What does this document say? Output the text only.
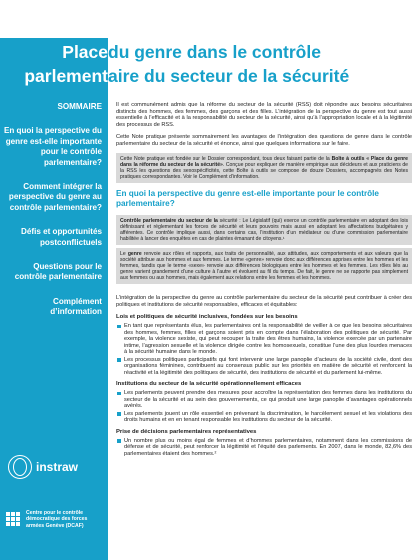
Placedu genre dans le contrôle
parlementaire du secteur de la sécurité
SOMMAIRE
En quoi la perspective du genre est-elle importante pour le contrôle parlementaire?
Comment intégrer la perspective du genre au contrôle parlementaire?
Défis et opportunités postconflictuels
Questions pour le contrôle parlementaire
Complément d’information
instraw
Centre pour le contrôle démocratique des forces armées Genève (DCAF)

Il est communément admis que la réforme du secteur de la sécurité (RSS) doit répondre aux besoins sécuritaires distincts des hommes, des femmes, des garçons et des filles. L’intégration de la perspective du genre est tout aussi essentielle à l’efficacité et à la responsabilité du secteur de la sécurité, ainsi qu’à l’appropriation locale et à la légitimité des processus de RSS.

Cette Note pratique présente sommairement les avantages de l’intégration des questions de genre dans le contrôle parlementaire du secteur de la sécurité et énonce, ainsi que quelques informations sur le faire.

Cette Note pratique est fondée sur le Dossier correspondant, tous deux faisant partie de la Boîte à outils « Place du genre dans la réforme du secteur de la sécurité». Conçue pour expliquer de manière empirique aux décideurs et aux praticiens de la RSS les questions des sexospécificités, cette Boîte à outils se compose de douze Dossiers, accompagnés des Notes pratiques correspondantes. Voir le Complément d’information.

En quoi la perspective du genre est-elle importante pour le contrôle parlementaire?

Contrôle parlementaire du secteur de la sécurité : Le Législatif (qui) exerce un contrôle parlementaire en adoptant des lois définissant et réglementant les forces de sécurité et leurs pouvoirs mais aussi en adoptant les affectations budgétaires y afférentes. Ce contrôle implique aussi, dans certains cas, l’institution d’un médiateur ou d’une commission parlementaire habilitée à lancer des enquêtes en cas de plaintes émanant de citoyens.¹

Le genre renvoie aux rôles et rapports, aux traits de personnalité, aux attitudes, aux comportements et aux valeurs que la société attribue aux hommes et aux femmes. Le terme «genre» renvoie donc aux différences apprises entre les hommes et les femmes, tandis que le terme «sexe» renvoie aux différences biologiques entre les hommes et les femmes. Les rôles liés au genre varient grandement d’une culture à l’autre et évoluent au fil du temps. De fait, le genre ne se rapporte pas simplement aux femmes ou aux hommes, mais également aux relations entre les femmes et les hommes.

L’intégration de la perspective du genre au contrôle parlementaire du secteur de la sécurité peut contribuer à créer des politiques et institutions de sécurité responsables, efficaces et équitables:

Lois et politiques de sécurité inclusives, fondées sur les besoins
En tant que représentants élus, les parlementaires ont la responsabilité de veiller à ce que les besoins sécuritaires des hommes, femmes, filles et garçons soient pris en compte dans l’élaboration des politiques de sécurité. Par exemple, la violence sexiste, qui peut recouper la traite des êtres humains, la violence exercée par un partenaire intime, l’agression sexuelle et la violence dirigée contre les homosexuels, constitue l’une des plus lourdes menaces à la sécurité humaine dans le monde.
Les processus politiques participatifs qui font intervenir une large panoplie d’acteurs de la société civile, dont des organisations féminines, contribuent au consensus public sur les priorités en matière de sécurité et renforcent la réactivité et la légitimité des politiques de sécurité, des institutions de sécurité et du parlement lui-même.
Institutions du secteur de la sécurité opérationnellement efficaces
Les parlements peuvent prendre des mesures pour accroître la représentation des femmes dans les institutions du secteur de la sécurité et au sein des gouvernements, ce qui produit une large panoplie d’avantages opérationnels avérés.
Les parlements jouent un rôle essentiel en prévenant la discrimination, le harcèlement sexuel et les violations des droits humains et en en tenant responsable les institutions du secteur de la sécurité.
Prise de décisions parlementaires représentatives
Un nombre plus ou moins égal de femmes et d’hommes parlementaires, notamment dans les commissions de défense et de sécurité, peut renforcer la légitimité et l’équité des parlements. En 2007, dans le monde, 82,6% des parlementaires étaient des hommes.²
